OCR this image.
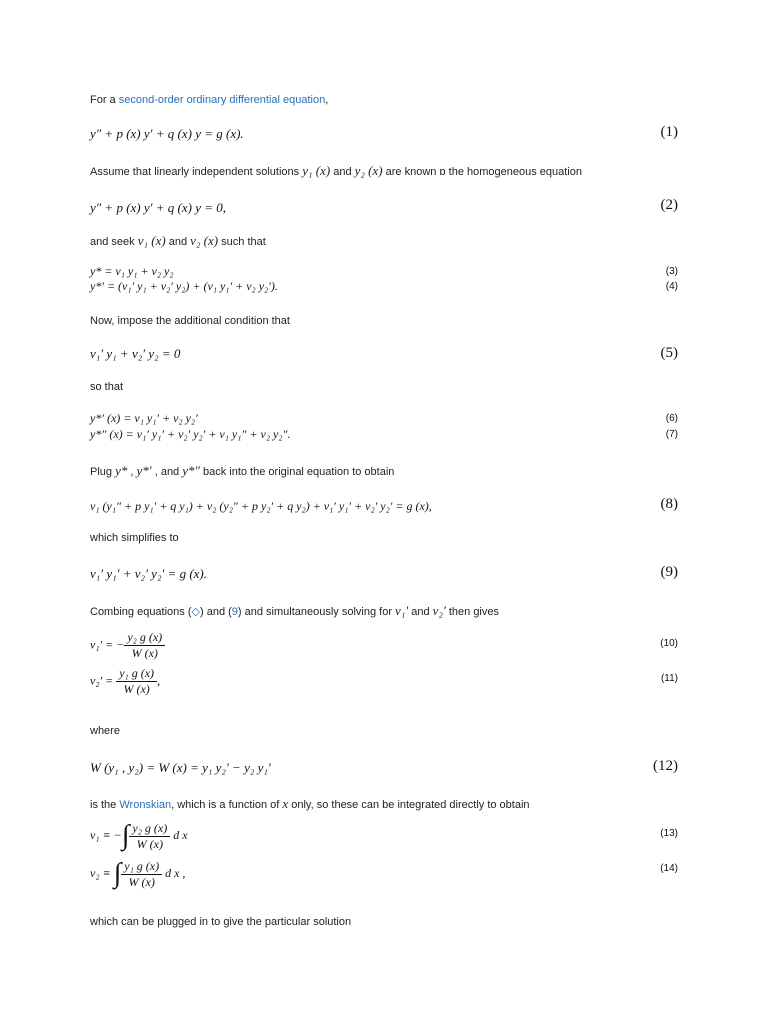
For a second-order ordinary differential equation,
y″ + p (x) y′ + q (x) y = g (x).	(1)
Assume that linearly independent solutions y₁ (x) and y₂ (x) are known ɒ the homogeneous equation
y″ + p (x) y′ + q (x) y = 0,	(2)
and seek v₁ (x) and v₂ (x) such that
y* = v₁ y₁ + v₂ y₂	(3)
y*′ = (v₁′ y₁ + v₂′ y₂) + (v₁ y₁′ + v₂ y₂′).	(4)
Now, impose the additional condition that
v₁′ y₁ + v₂′ y₂ = 0	(5)
so that
y*′ (x) = v₁ y₁′ + v₂ y₂′	(6)
y*″ (x) = v₁′ y₁′ + v₂′ y₂′ + v₁ y₁″ + v₂ y₂″.	(7)
Plug y* , y*′ , and y*″ back into the original equation to obtain
v₁ (y₁″ + p y₁′ + q y₁) + v₂ (y₂″ + p y₂′ + q y₂) + v₁′ y₁′ + v₂′ y₂′ = g (x),	(8)
which simplifies to
v₁′ y₁′ + v₂′ y₂′ = g (x).	(9)
Combing equations (◇) and (9) and simultaneously solving for v₁′ and v₂′ then gives
v₁′ = − $\frac{\text{y₂ g (x)}}{W (x)}$	(10)
$v_2' = \frac{\text{y₁ g (x)}}{W (x)}$ ,	(11)
where
W (y₁ , y₂) = W (x) = y₁ y₂′ − y₂ y₁′	(12)
is the Wronskian, which is a function of x only, so these can be integrated directly to obtain
v₁ ≡ −∫ $\frac{\text{y₂ g (x)}}{W (x)}$ d x	(13)
v₂ ≡ ∫ $\frac{\text{y₁ g (x)}}{W (x)}$ d x ,	(14)
which can be plugged in to give the particular solution
